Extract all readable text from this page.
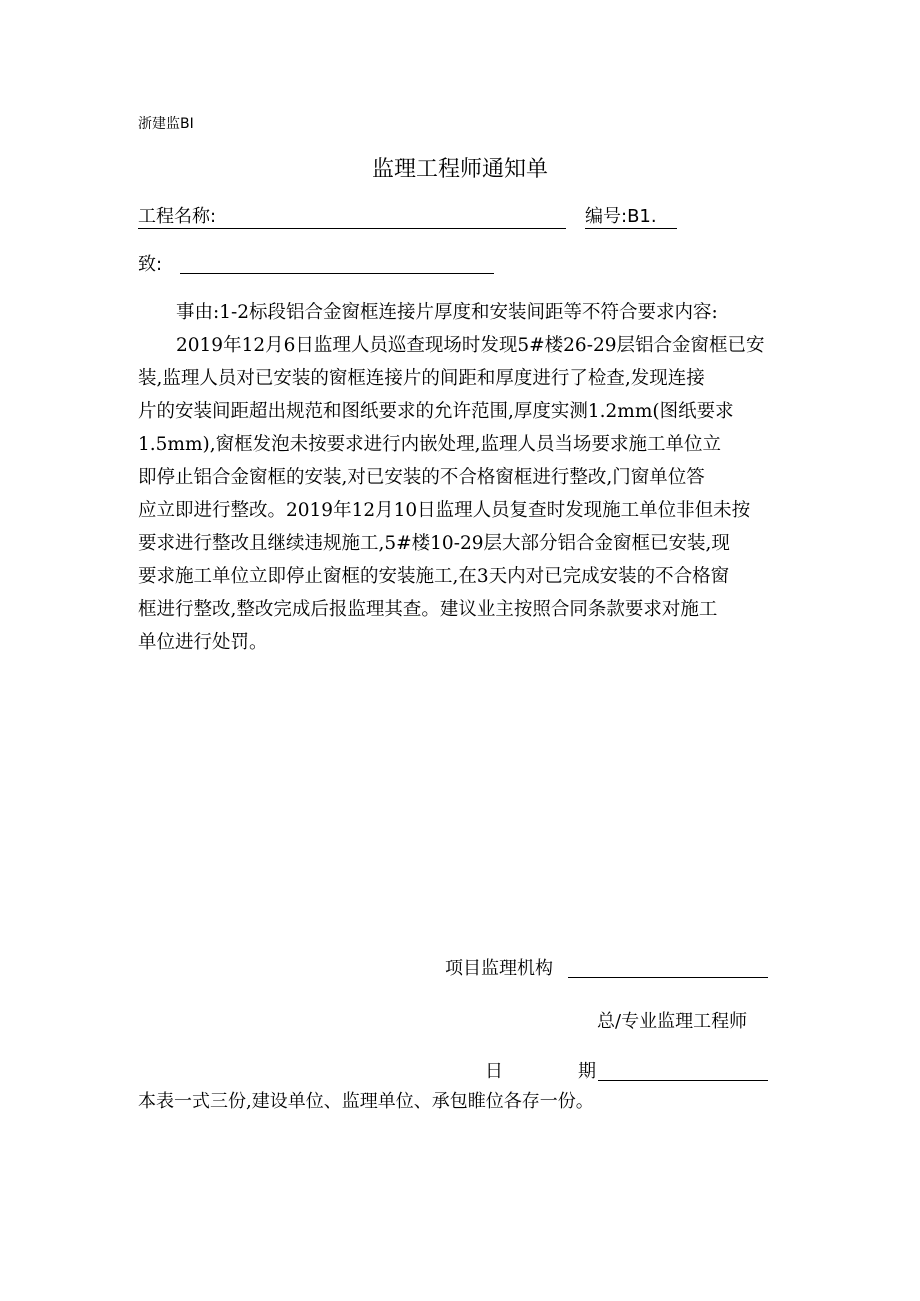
浙建监BI
监理工程师通知单
工程名称:	编号:B1.
致:
事由:1-2标段铝合金窗框连接片厚度和安装间距等不符合要求内容:
2019年12月6日监理人员巡查现场时发现5#楼26-29层铝合金窗框已安
装,监理人员对已安装的窗框连接片的间距和厚度进行了检查,发现连接
片的安装间距超出规范和图纸要求的允许范围,厚度实测1.2mm(图纸要求
1.5mm),窗框发泡未按要求进行内嵌处理,监理人员当场要求施工单位立
即停止铝合金窗框的安装,对已安装的不合格窗框进行整改,门窗单位答
应立即进行整改。2019年12月10日监理人员复查时发现施工单位非但未按
要求进行整改且继续违规施工,5#楼10-29层大部分铝合金窗框已安装,现
要求施工单位立即停止窗框的安装施工,在3天内对已完成安装的不合格窗
框进行整改,整改完成后报监理其查。建议业主按照合同条款要求对施工
单位进行处罚。
项目监理机构
总/专业监理工程师
日	期
本表一式三份,建设单位、监理单位、承包睢位各存一份。
